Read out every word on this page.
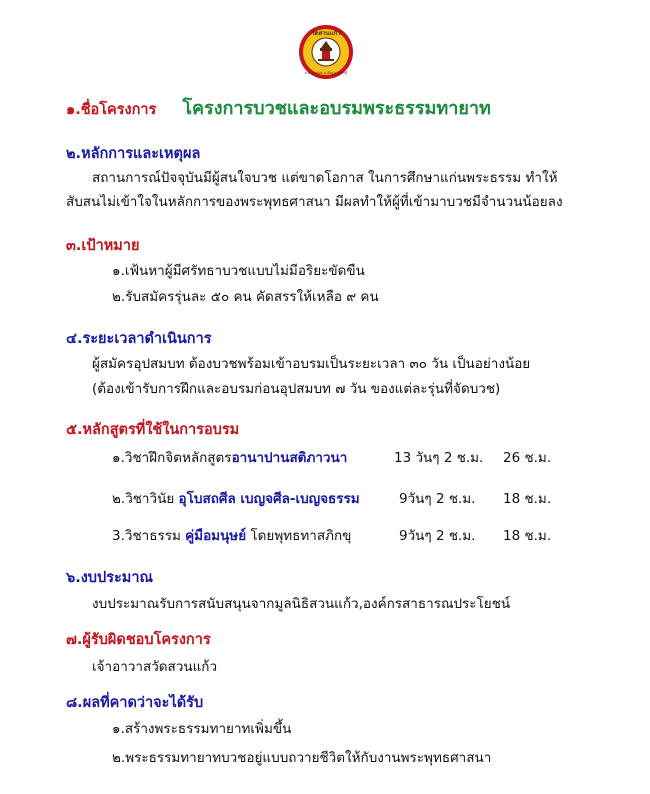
วัดสวนแก้ว
ต.บางรักน้อย อ.เมือง จ.นนทบุรี
๑.ชื่อโครงการ โครงการบวชและอบรมพระธรรมทายาท
๒.หลักการและเหตุผล
สถานการณ์ปัจจุบันมีผู้สนใจบวช แต่ขาดโอกาส ในการศึกษาแก่นพระธรรม ทำให้
สับสนไม่เข้าใจในหลักการของพระพุทธศาสนา มีผลทำให้ผู้ที่เข้ามาบวชมีจำนวนน้อยลง
๓.เป้าหมาย
๑.เฟ้นหาผู้มีศรัทธาบวชแบบไม่มีอริยะขัดขืน
๒.รับสมัครรุ่นละ ๕๐ คน คัดสรรให้เหลือ ๙ คน
๔.ระยะเวลาดำเนินการ
ผู้สมัครอุปสมบท ต้องบวชพร้อมเข้าอบรมเป็นระยะเวลา ๓๐ วัน เป็นอย่างน้อย
(ต้องเข้ารับการฝึกและอบรมก่อนอุปสมบท ๗ วัน ของแต่ละรุ่นที่จัดบวช)
๕.หลักสูตรที่ใช้ในการอบรม
๑.วิชาฝึกจิตหลักสูตรอานาปานสติภาวนา	13 วันๆ 2 ช.ม. 26 ช.ม.
๒.วิชาวินัย อุโบสถศีล เบญจศีล-เบญจธรรม	9วันๆ 2 ช.ม. 18 ช.ม.
3.วิชาธรรม คู่มือมนุษย์ โดยพุทธทาสภิกขุ	9วันๆ 2 ช.ม. 18 ช.ม.
๖.งบประมาณ
งบประมาณรับการสนับสนุนจากมูลนิธิสวนแก้ว,องค์กรสาธารณประโยชน์
๗.ผู้รับผิดชอบโครงการ
เจ้าอาวาสวัดสวนแก้ว
๘.ผลที่คาดว่าจะได้รับ
๑.สร้างพระธรรมทายาทเพิ่มขึ้น
๒.พระธรรมทายาทบวชอยู่แบบถวายชีวิตให้กับงานพระพุทธศาสนา
